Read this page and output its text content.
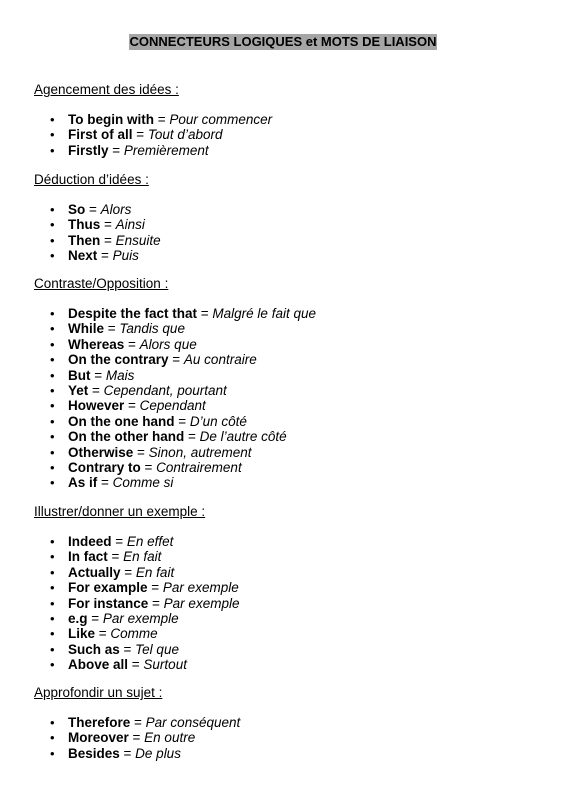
CONNECTEURS LOGIQUES et MOTS DE LIAISON

Agencement des idées :

• To begin with = Pour commencer
• First of all = Tout d’abord
• Firstly = Premièrement

Déduction d’idées :

• So = Alors
• Thus = Ainsi
• Then = Ensuite
• Next = Puis

Contraste/Opposition :

• Despite the fact that = Malgré le fait que
• While = Tandis que
• Whereas = Alors que
• On the contrary = Au contraire
• But = Mais
• Yet = Cependant, pourtant
• However = Cependant
• On the one hand = D’un côté
• On the other hand = De l’autre côté
• Otherwise = Sinon, autrement
• Contrary to = Contrairement
• As if = Comme si

Illustrer/donner un exemple :

• Indeed = En effet
• In fact = En fait
• Actually = En fait
• For example = Par exemple
• For instance = Par exemple
• e.g = Par exemple
• Like = Comme
• Such as = Tel que
• Above all = Surtout

Approfondir un sujet :

• Therefore = Par conséquent
• Moreover = En outre
• Besides = De plus
